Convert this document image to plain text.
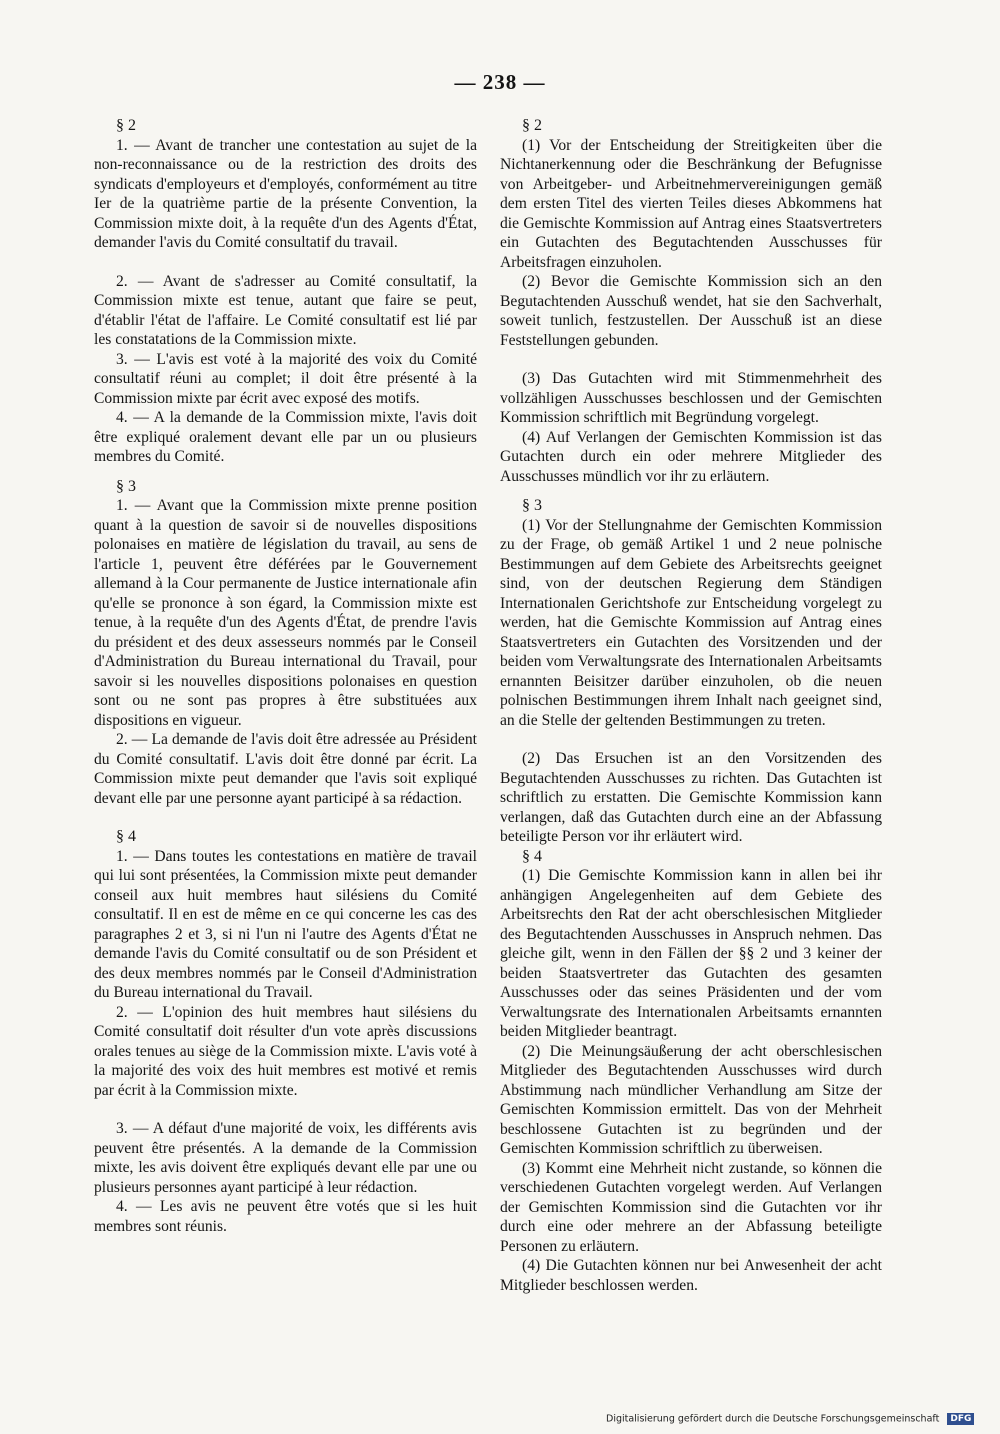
— 238 —

§ 2

1. — Avant de trancher une contestation au sujet de la non-reconnaissance ou de la restriction des droits des syndicats d'employeurs et d'employés, conformément au titre Ier de la quatrième partie de la présente Convention, la Commission mixte doit, à la requête d'un des Agents d'État, demander l'avis du Comité consultatif du travail.

2. — Avant de s'adresser au Comité consultatif, la Commission mixte est tenue, autant que faire se peut, d'établir l'état de l'affaire. Le Comité consultatif est lié par les constatations de la Commission mixte.

3. — L'avis est voté à la majorité des voix du Comité consultatif réuni au complet; il doit être présenté à la Commission mixte par écrit avec exposé des motifs.

4. — A la demande de la Commission mixte, l'avis doit être expliqué oralement devant elle par un ou plusieurs membres du Comité.

§ 3

1. — Avant que la Commission mixte prenne position quant à la question de savoir si de nouvelles dispositions polonaises en matière de législation du travail, au sens de l'article 1, peuvent être déférées par le Gouvernement allemand à la Cour permanente de Justice internationale afin qu'elle se prononce à son égard, la Commission mixte est tenue, à la requête d'un des Agents d'État, de prendre l'avis du président et des deux assesseurs nommés par le Conseil d'Administration du Bureau international du Travail, pour savoir si les nouvelles dispositions polonaises en question sont ou ne sont pas propres à être substituées aux dispositions en vigueur.

2. — La demande de l'avis doit être adressée au Président du Comité consultatif. L'avis doit être donné par écrit. La Commission mixte peut demander que l'avis soit expliqué devant elle par une personne ayant participé à sa rédaction.

§ 4

1. — Dans toutes les contestations en matière de travail qui lui sont présentées, la Commission mixte peut demander conseil aux huit membres haut silésiens du Comité consultatif. Il en est de même en ce qui concerne les cas des paragraphes 2 et 3, si ni l'un ni l'autre des Agents d'État ne demande l'avis du Comité consultatif ou de son Président et des deux membres nommés par le Conseil d'Administration du Bureau international du Travail.

2. — L'opinion des huit membres haut silésiens du Comité consultatif doit résulter d'un vote après discussions orales tenues au siège de la Commission mixte. L'avis voté à la majorité des voix des huit membres est motivé et remis par écrit à la Commission mixte.

3. — A défaut d'une majorité de voix, les différents avis peuvent être présentés. A la demande de la Commission mixte, les avis doivent être expliqués devant elle par une ou plusieurs personnes ayant participé à leur rédaction.

4. — Les avis ne peuvent être votés que si les huit membres sont réunis.

§ 2

(1) Vor der Entscheidung der Streitigkeiten über die Nichtanerkennung oder die Beschränkung der Befugnisse von Arbeitgeber- und Arbeitnehmervereinigungen gemäß dem ersten Titel des vierten Teiles dieses Abkommens hat die Gemischte Kommission auf Antrag eines Staatsvertreters ein Gutachten des Begutachtenden Ausschusses für Arbeitsfragen einzuholen.

(2) Bevor die Gemischte Kommission sich an den Begutachtenden Ausschuß wendet, hat sie den Sachverhalt, soweit tunlich, festzustellen. Der Ausschuß ist an diese Feststellungen gebunden.

(3) Das Gutachten wird mit Stimmenmehrheit des vollzähligen Ausschusses beschlossen und der Gemischten Kommission schriftlich mit Begründung vorgelegt.

(4) Auf Verlangen der Gemischten Kommission ist das Gutachten durch ein oder mehrere Mitglieder des Ausschusses mündlich vor ihr zu erläutern.

§ 3

(1) Vor der Stellungnahme der Gemischten Kommission zu der Frage, ob gemäß Artikel 1 und 2 neue polnische Bestimmungen auf dem Gebiete des Arbeitsrechts geeignet sind, von der deutschen Regierung dem Ständigen Internationalen Gerichtshofe zur Entscheidung vorgelegt zu werden, hat die Gemischte Kommission auf Antrag eines Staatsvertreters ein Gutachten des Vorsitzenden und der beiden vom Verwaltungsrate des Internationalen Arbeitsamts ernannten Beisitzer darüber einzuholen, ob die neuen polnischen Bestimmungen ihrem Inhalt nach geeignet sind, an die Stelle der geltenden Bestimmungen zu treten.

(2) Das Ersuchen ist an den Vorsitzenden des Begutachtenden Ausschusses zu richten. Das Gutachten ist schriftlich zu erstatten. Die Gemischte Kommission kann verlangen, daß das Gutachten durch eine an der Abfassung beteiligte Person vor ihr erläutert wird.

§ 4

(1) Die Gemischte Kommission kann in allen bei ihr anhängigen Angelegenheiten auf dem Gebiete des Arbeitsrechts den Rat der acht oberschlesischen Mitglieder des Begutachtenden Ausschusses in Anspruch nehmen. Das gleiche gilt, wenn in den Fällen der §§ 2 und 3 keiner der beiden Staatsvertreter das Gutachten des gesamten Ausschusses oder das seines Präsidenten und der vom Verwaltungsrate des Internationalen Arbeitsamts ernannten beiden Mitglieder beantragt.

(2) Die Meinungsäußerung der acht oberschlesischen Mitglieder des Begutachtenden Ausschusses wird durch Abstimmung nach mündlicher Verhandlung am Sitze der Gemischten Kommission ermittelt. Das von der Mehrheit beschlossene Gutachten ist zu begründen und der Gemischten Kommission schriftlich zu überweisen.

(3) Kommt eine Mehrheit nicht zustande, so können die verschiedenen Gutachten vorgelegt werden. Auf Verlangen der Gemischten Kommission sind die Gutachten vor ihr durch eine oder mehrere an der Abfassung beteiligte Personen zu erläutern.

(4) Die Gutachten können nur bei Anwesenheit der acht Mitglieder beschlossen werden.

Digitalisierung gefördert durch die Deutsche Forschungsgemeinschaft DFG
